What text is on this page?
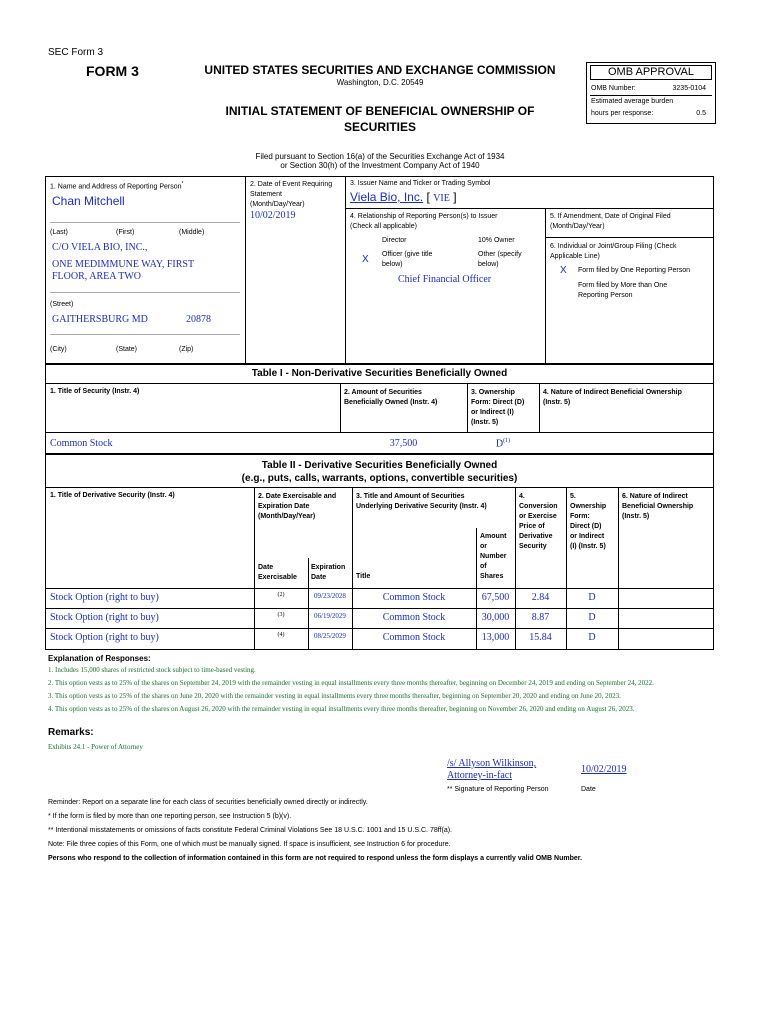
SEC Form 3
FORM 3	UNITED STATES SECURITIES AND EXCHANGE COMMISSION
Washington, D.C. 20549
INITIAL STATEMENT OF BENEFICIAL OWNERSHIP OF
SECURITIES
Filed pursuant to Section 16(a) of the Securities Exchange Act of 1934
or Section 30(h) of the Investment Company Act of 1940
OMB APPROVAL
OMB Number:	3235-0104
Estimated average burden
hours per response:	0.5
1. Name and Address of Reporting Person*
Chan Mitchell
(Last)	(First)	(Middle)
C/O VIELA BIO, INC.,
ONE MEDIMMUNE WAY, FIRST
FLOOR, AREA TWO
(Street)
GAITHERSBURG MD	20878
(City)	(State)	(Zip)
2. Date of Event Requiring
Statement
(Month/Day/Year)
10/02/2019
3. Issuer Name and Ticker or Trading Symbol
Viela Bio, Inc. [ VIE ]
4. Relationship of Reporting Person(s) to Issuer
(Check all applicable)
Director	10% Owner
X Officer (give title
below)
Other (specify
below)
Chief Financial Officer
5. If Amendment, Date of Original Filed
(Month/Day/Year)
6. Individual or Joint/Group Filing (Check
Applicable Line)
X Form filed by One Reporting Person
Form filed by More than One
Reporting Person
Table I - Non-Derivative Securities Beneficially Owned
1. Title of Security (Instr. 4)	2. Amount of Securities
Beneficially Owned (Instr. 4)
3. Ownership
Form: Direct (D)
or Indirect (I)
(Instr. 5)
4. Nature of Indirect Beneficial Ownership
(Instr. 5)
Common Stock	37,500	$D^{(1)}$
Table II - Derivative Securities Beneficially Owned
(e.g., puts, calls, warrants, options, convertible securities)
1. Title of Derivative Security (Instr. 4)	2. Date Exercisable and
Expiration Date
(Month/Day/Year)
3. Title and Amount of Securities
Underlying Derivative Security (Instr. 4)
4.
Conversion
or Exercise
Price of
Derivative
Security
5.
Ownership
Form:
Direct (D)
or Indirect
(I) (Instr. 5)
6. Nature of Indirect
Beneficial Ownership
(Instr. 5)
Date
Exercisable
Expiration
Date	Title
Amount
or
Number
of
Shares
Stock Option (right to buy)	(2)	09/23/2028	Common Stock	67,500	2.84	D
Stock Option (right to buy)	(3)	06/19/2029	Common Stock	30,000	8.87	D
Stock Option (right to buy)	(4)	08/25/2029	Common Stock	13,000	15.84	D
Explanation of Responses:
1. Includes 15,000 shares of restricted stock subject to time-based vesting.
2. This option vests as to 25% of the shares on September 24, 2019 with the remainder vesting in equal installments every three months thereafter, beginning on December 24, 2019 and ending on September 24, 2022.
3. This option vests as to 25% of the shares on June 20, 2020 with the remainder vesting in equal installments every three months thereafter, beginning on September 20, 2020 and ending on June 20, 2023.
4. This option vests as to 25% of the shares on August 26, 2020 with the remainder vesting in equal installments every three months thereafter, beginning on November 26, 2020 and ending on August 26, 2023.
Remarks:
Exhibits 24.1 - Power of Attorney
/s/ Allyson Wilkinson,
Attorney-in-fact
10/02/2019
** Signature of Reporting Person	Date
Reminder: Report on a separate line for each class of securities beneficially owned directly or indirectly.
* If the form is filed by more than one reporting person, see Instruction 5 (b)(v).
** Intentional misstatements or omissions of facts constitute Federal Criminal Violations See 18 U.S.C. 1001 and 15 U.S.C. 78ff(a).
Note: File three copies of this Form, one of which must be manually signed. If space is insufficient, see Instruction 6 for procedure.
Persons who respond to the collection of information contained in this form are not required to respond unless the form displays a currently valid OMB Number.
